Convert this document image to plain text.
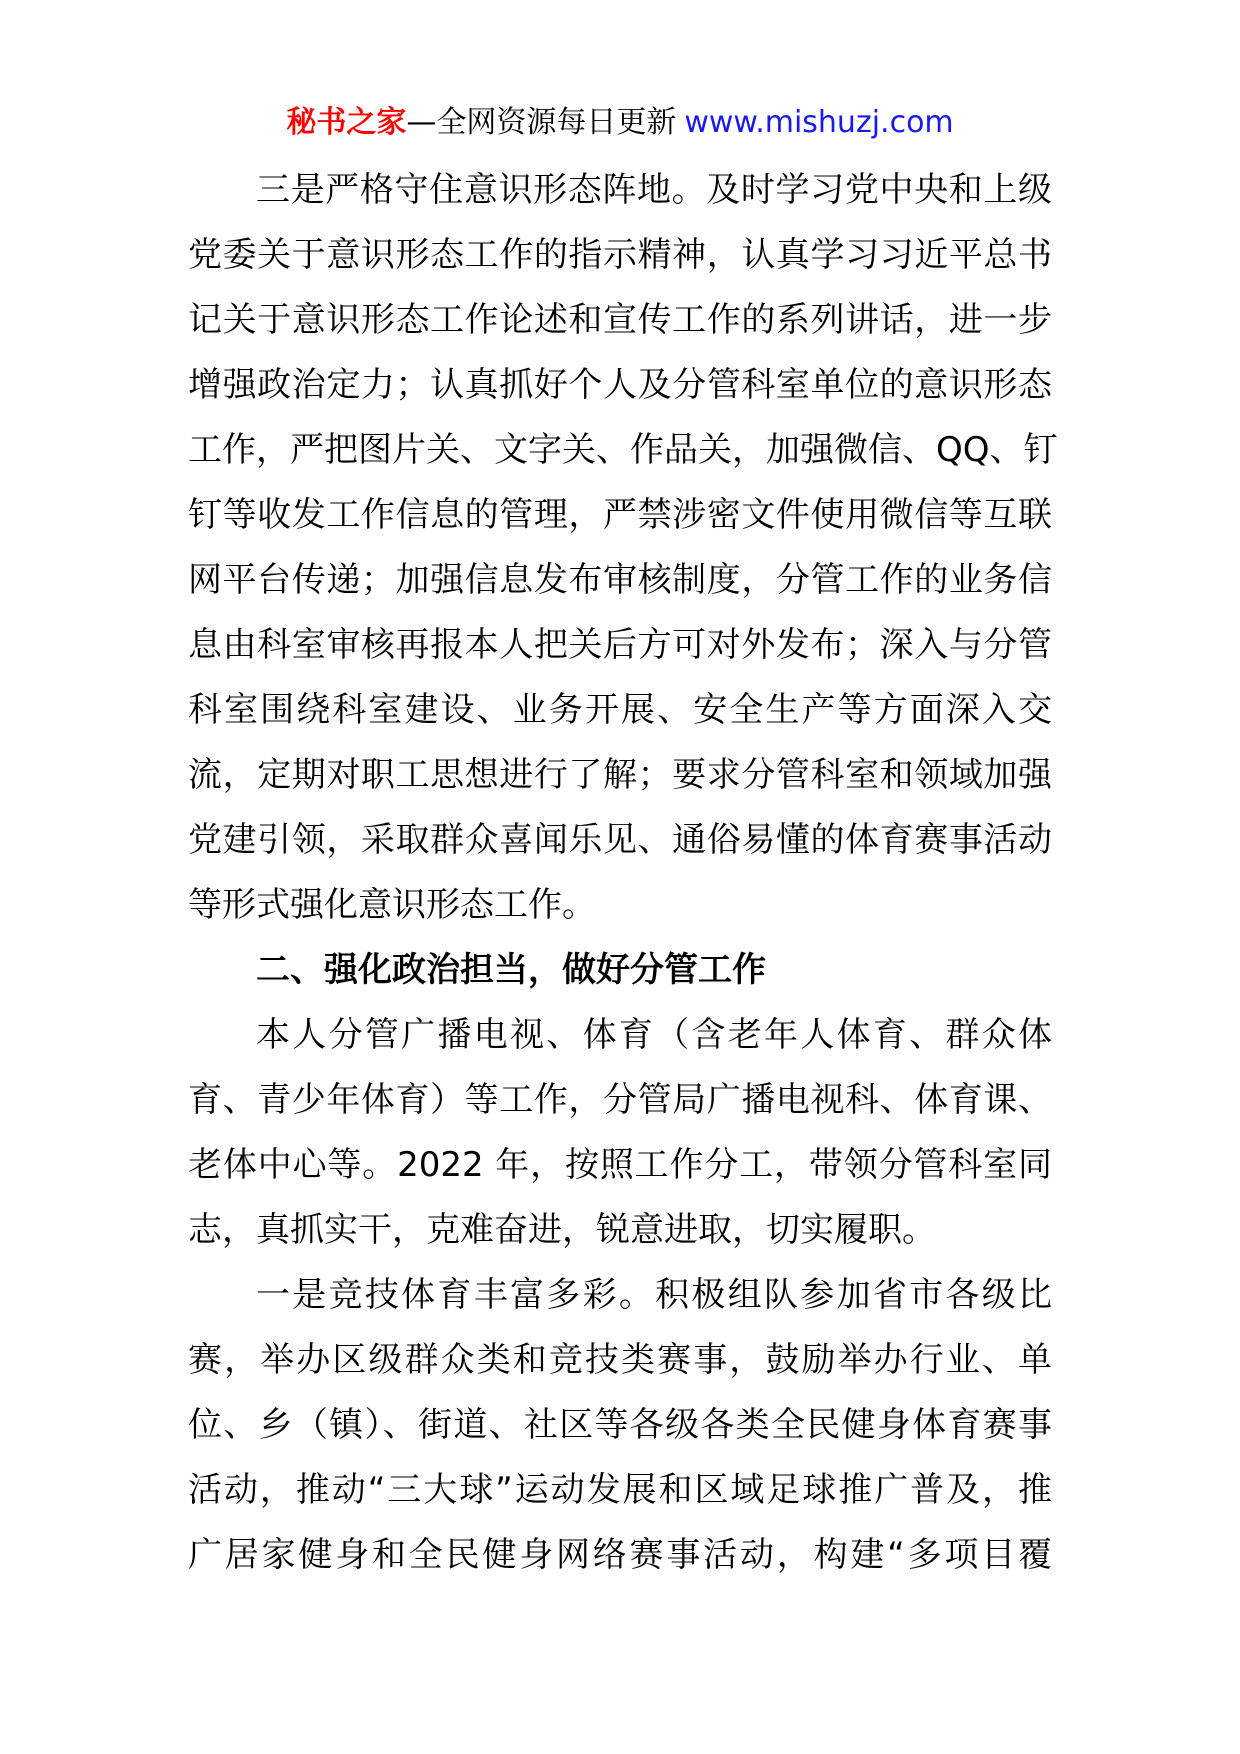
秘书之家—全网资源每日更新 www.mishuzj.com
三是严格守住意识形态阵地。及时学习党中央和上级
党委关于意识形态工作的指示精神，认真学习习近平总书
记关于意识形态工作论述和宣传工作的系列讲话，进一步
增强政治定力；认真抓好个人及分管科室单位的意识形态
工作，严把图片关、文字关、作品关，加强微信、QQ、钉
钉等收发工作信息的管理，严禁涉密文件使用微信等互联
网平台传递；加强信息发布审核制度，分管工作的业务信
息由科室审核再报本人把关后方可对外发布；深入与分管
科室围绕科室建设、业务开展、安全生产等方面深入交
流，定期对职工思想进行了解；要求分管科室和领域加强
党建引领，采取群众喜闻乐见、通俗易懂的体育赛事活动
等形式强化意识形态工作。
二、强化政治担当，做好分管工作
本人分管广播电视、体育（含老年人体育、群众体
育、青少年体育）等工作，分管局广播电视科、体育课、
老体中心等。2022 年，按照工作分工，带领分管科室同
志，真抓实干，克难奋进，锐意进取，切实履职。
一是竞技体育丰富多彩。积极组队参加省市各级比
赛，举办区级群众类和竞技类赛事，鼓励举办行业、单
位、乡（镇）、街道、社区等各级各类全民健身体育赛事
活动，推动“三大球”运动发展和区域足球推广普及，推
广居家健身和全民健身网络赛事活动，构建“多项目覆
